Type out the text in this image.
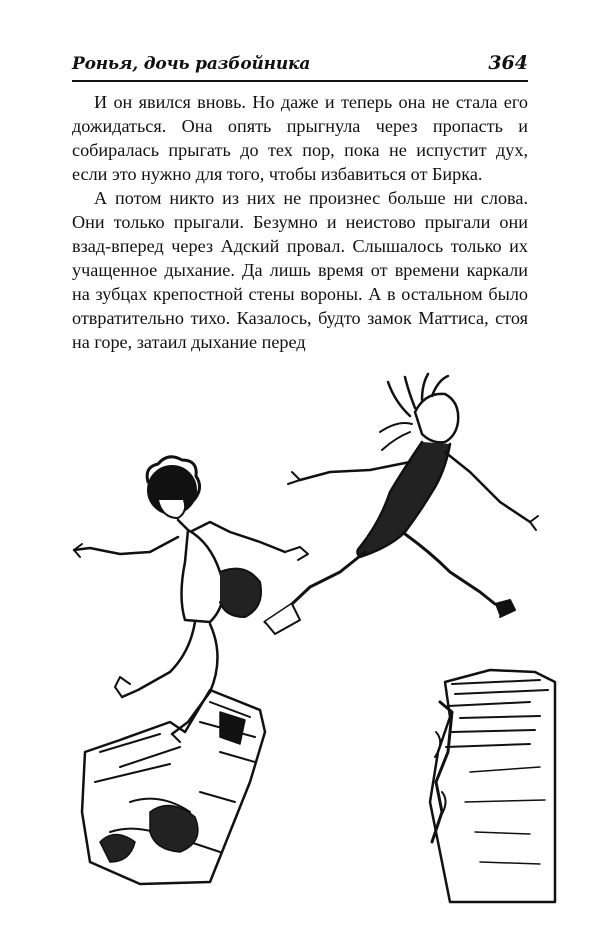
Ронья, дочь разбойника	364

И он явился вновь. Но даже и теперь она не стала его дожидаться. Она опять прыгнула через пропасть и собиралась прыгать до тех пор, пока не испустит дух, если это нужно для того, чтобы избавиться от Бирка.

А потом никто из них не произнес больше ни слова. Они только прыгали. Безумно и неистово прыгали они взад-вперед через Адский провал. Слышалось только их учащенное дыхание. Да лишь время от времени каркали на зубцах крепостной стены вороны. А в остальном было отвратительно тихо. Казалось, будто замок Маттиса, стоя на горе, затаил дыхание перед
